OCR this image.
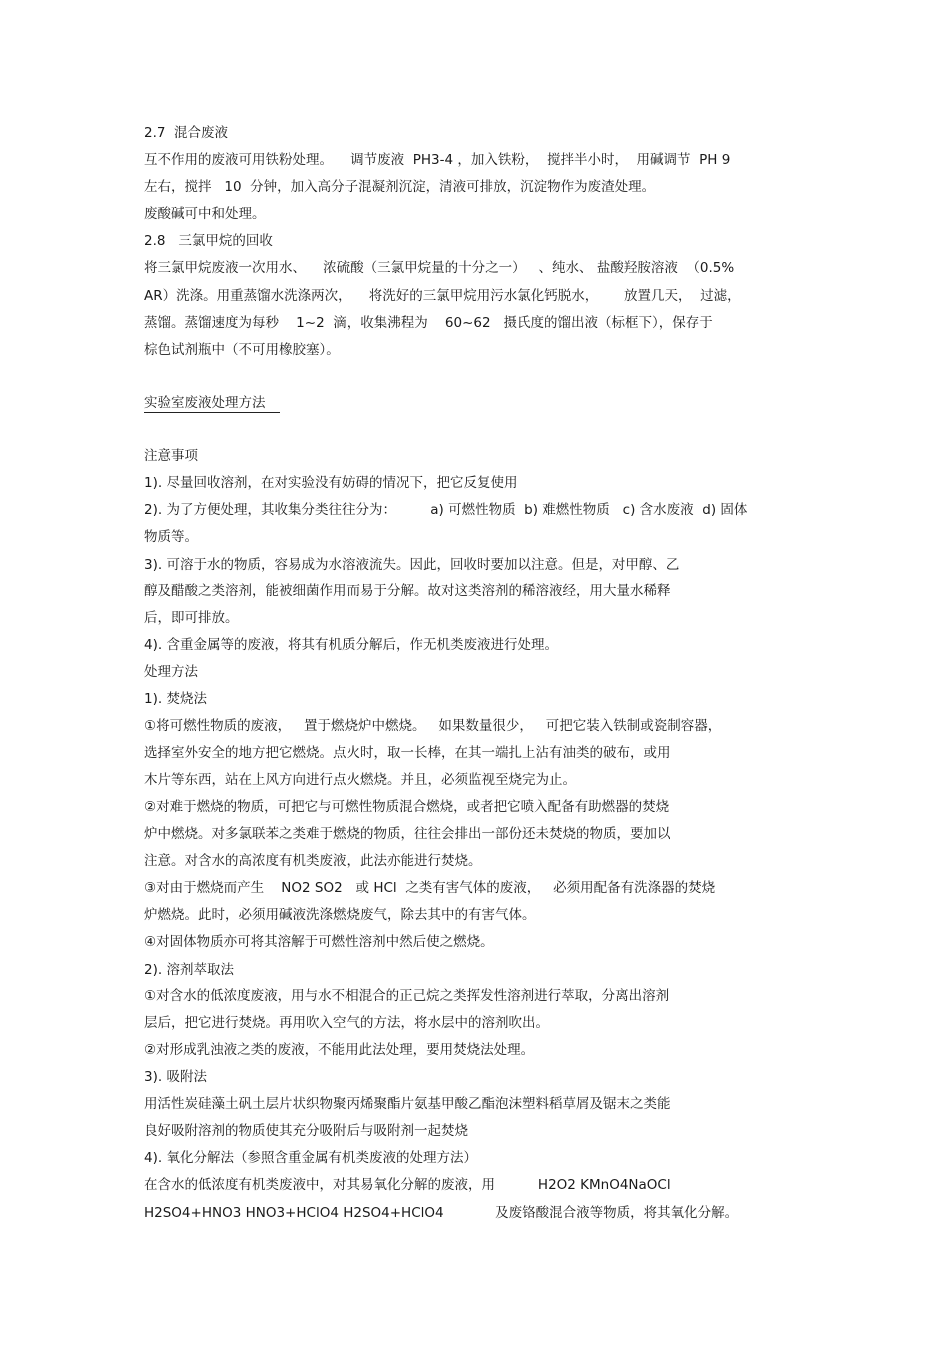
2.7  混合废液
互不作用的废液可用铁粉处理。    调节废液  PH3-4 ，加入铁粉，  搅拌半小时，  用碱调节  PH 9
左右，搅拌   10  分钟，加入高分子混凝剂沉淀，清液可排放，沉淀物作为废渣处理。
废酸碱可中和处理。
2.8   三氯甲烷的回收
将三氯甲烷废液一次用水、    浓硫酸（三氯甲烷量的十分之一）   、纯水、 盐酸羟胺溶液  （0.5%
AR）洗涤。用重蒸馏水洗涤两次，    将洗好的三氯甲烷用污水氯化钙脱水，      放置几天，  过滤，
蒸馏。蒸馏速度为每秒    1~2  滴，收集沸程为    60~62   摄氏度的馏出液（标框下），保存于
棕色试剂瓶中（不可用橡胶塞）。
实验室废液处理方法
注意事项
1). 尽量回收溶剂，在对实验没有妨碍的情况下，把它反复使用
2). 为了方便处理，其收集分类往往分为：        a) 可燃性物质  b) 难燃性物质   c) 含水废液  d) 固体
物质等。
3). 可溶于水的物质，容易成为水溶液流失。因此，回收时要加以注意。但是，对甲醇、乙
醇及醋酸之类溶剂，能被细菌作用而易于分解。故对这类溶剂的稀溶液经，用大量水稀释
后，即可排放。
4). 含重金属等的废液，将其有机质分解后，作无机类废液进行处理。
处理方法
1). 焚烧法
①将可燃性物质的废液，   置于燃烧炉中燃烧。   如果数量很少，   可把它装入铁制或瓷制容器，
选择室外安全的地方把它燃烧。点火时，取一长棒，在其一端扎上沾有油类的破布，或用
木片等东西，站在上风方向进行点火燃烧。并且，必须监视至烧完为止。
②对难于燃烧的物质，可把它与可燃性物质混合燃烧，或者把它喷入配备有助燃器的焚烧
炉中燃烧。对多氯联苯之类难于燃烧的物质，往往会排出一部份还未焚烧的物质，要加以
注意。对含水的高浓度有机类废液，此法亦能进行焚烧。
③对由于燃烧而产生    NO2 SO2   或 HCl  之类有害气体的废液，   必须用配备有洗涤器的焚烧
炉燃烧。此时，必须用碱液洗涤燃烧废气，除去其中的有害气体。
④对固体物质亦可将其溶解于可燃性溶剂中然后使之燃烧。
2). 溶剂萃取法
①对含水的低浓度废液，用与水不相混合的正己烷之类挥发性溶剂进行萃取，分离出溶剂
层后，把它进行焚烧。再用吹入空气的方法，将水层中的溶剂吹出。
②对形成乳浊液之类的废液，不能用此法处理，要用焚烧法处理。
3). 吸附法
用活性炭硅藻土矾土层片状织物聚丙烯聚酯片氨基甲酸乙酯泡沫塑料稻草屑及锯末之类能
良好吸附溶剂的物质使其充分吸附后与吸附剂一起焚烧
4). 氧化分解法（参照含重金属有机类废液的处理方法）
在含水的低浓度有机类废液中，对其易氧化分解的废液，用          H2O2 KMnO4NaOCl
H2SO4+HNO3 HNO3+HClO4 H2SO4+HClO4            及废铬酸混合液等物质，将其氧化分解。
